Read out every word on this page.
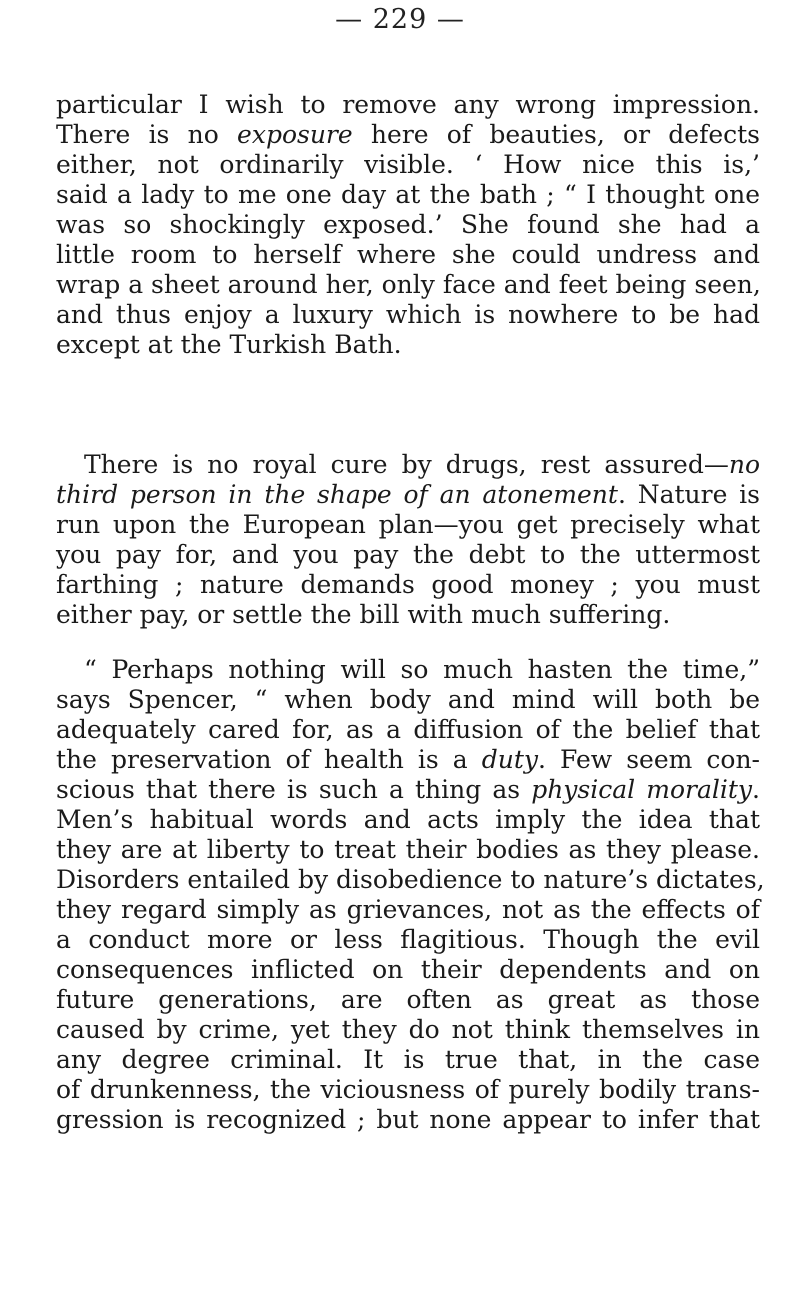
— 229 —
particular I wish to remove any wrong impression.
There is no exposure here of beauties, or defects
either, not ordinarily visible. ‘ How nice this is,’
said a lady to me one day at the bath ; “ I thought one
was so shockingly exposed.’ She found she had a
little room to herself where she could undress and
wrap a sheet around her, only face and feet being seen,
and thus enjoy a luxury which is nowhere to be had
except at the Turkish Bath.
There is no royal cure by drugs, rest assured—no
third person in the shape of an atonement. Nature is
run upon the European plan—you get precisely what
you pay for, and you pay the debt to the uttermost
farthing ; nature demands good money ; you must
either pay, or settle the bill with much suffering.
“ Perhaps nothing will so much hasten the time,”
says Spencer, “ when body and mind will both be
adequately cared for, as a diffusion of the belief that
the preservation of health is a duty. Few seem con-
scious that there is such a thing as physical morality.
Men’s habitual words and acts imply the idea that
they are at liberty to treat their bodies as they please.
Disorders entailed by disobedience to nature’s dictates,
they regard simply as grievances, not as the effects of
a conduct more or less flagitious. Though the evil
consequences inflicted on their dependents and on
future generations, are often as great as those
caused by crime, yet they do not think themselves in
any degree criminal. It is true that, in the case
of drunkenness, the viciousness of purely bodily trans-
gression is recognized ; but none appear to infer that
